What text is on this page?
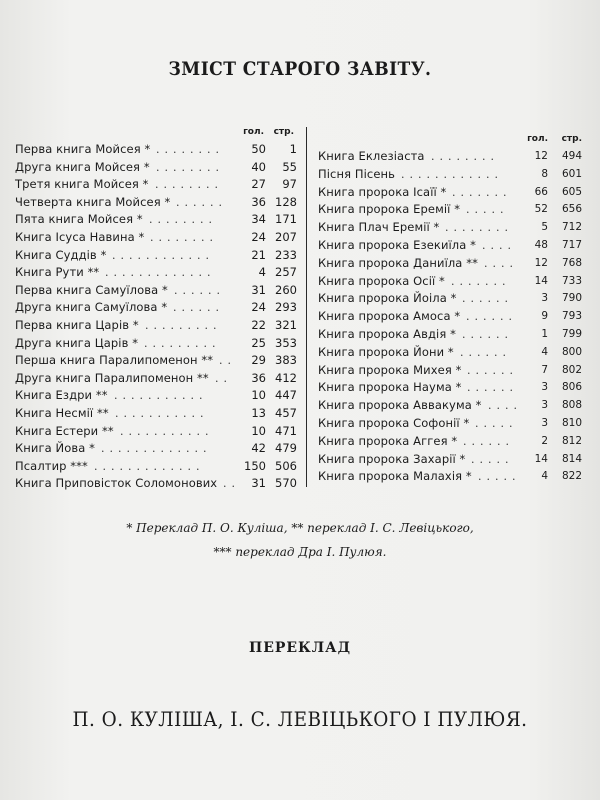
ЗМІСТ СТАРОГО ЗАВІТУ.
гол. стр.
Перва книга Мойсея * ........	50 1
Друга книга Мойсея * ........	40 55
Третя книга Мойсея * ........	27 97
Четверта книга Мойсея * ......	36 128
Пята книга Мойсея * ........	34 171
Книга Ісуса Навина * ........	24 207
Книга Суддів * ............	21 233
Книга Рути ** .............	4 257
Перва книга Самуїлова * ......	31 260
Друга книга Самуїлова * ......	24 293
Перва книга Царів * .........	22 321
Друга книга Царів * .........	25 353
Перша книга Паралипоменон ** ..	29 383
Друга книга Паралипоменон ** ..	36 412
Книга Ездри ** ...........	10 447
Книга Несмії ** ...........	13 457
Книга Естери ** ...........	10 471
Книга Йова * .............	42 479
Псалтир *** .............	150 506
Книга Приповісток Соломонових .. 31 570
гол. стр.
Книга Еклезіаста ........	12 494
Пісня Пісень ............	8 601
Книга пророка Ісаїї * .......	66 605
Книга пророка Еремії * .....	52 656
Книга Плач Еремії * ........	5 712
Книга пророка Езекиїла * ....	48 717
Книга пророка Даниїла ** ....	12 768
Книга пророка Осії * .......	14 733
Книга пророка Йоіла * ......	3 790
Книга пророка Амоса * ......	9 793
Книга пророка Авдія * ......	1 799
Книга пророка Йони * ......	4 800
Книга пророка Михея * ......	7 802
Книга пророка Наума * ......	3 806
Книга пророка Аввакума * ....	3 808
Книга пророка Софонії * .....	3 810
Книга пророка Аггея * ......	2 812
Книга пророка Захарії * .....	14 814
Книга пророка Малахія * .....	4 822
* Переклад П. О. Куліша, ** переклад І. С. Левіцького,
*** переклад Дра І. Пулюя.
ПЕРЕКЛАД
П. О. КУЛІША, І. С. ЛЕВІЦЬКОГО І ПУЛЮЯ.
